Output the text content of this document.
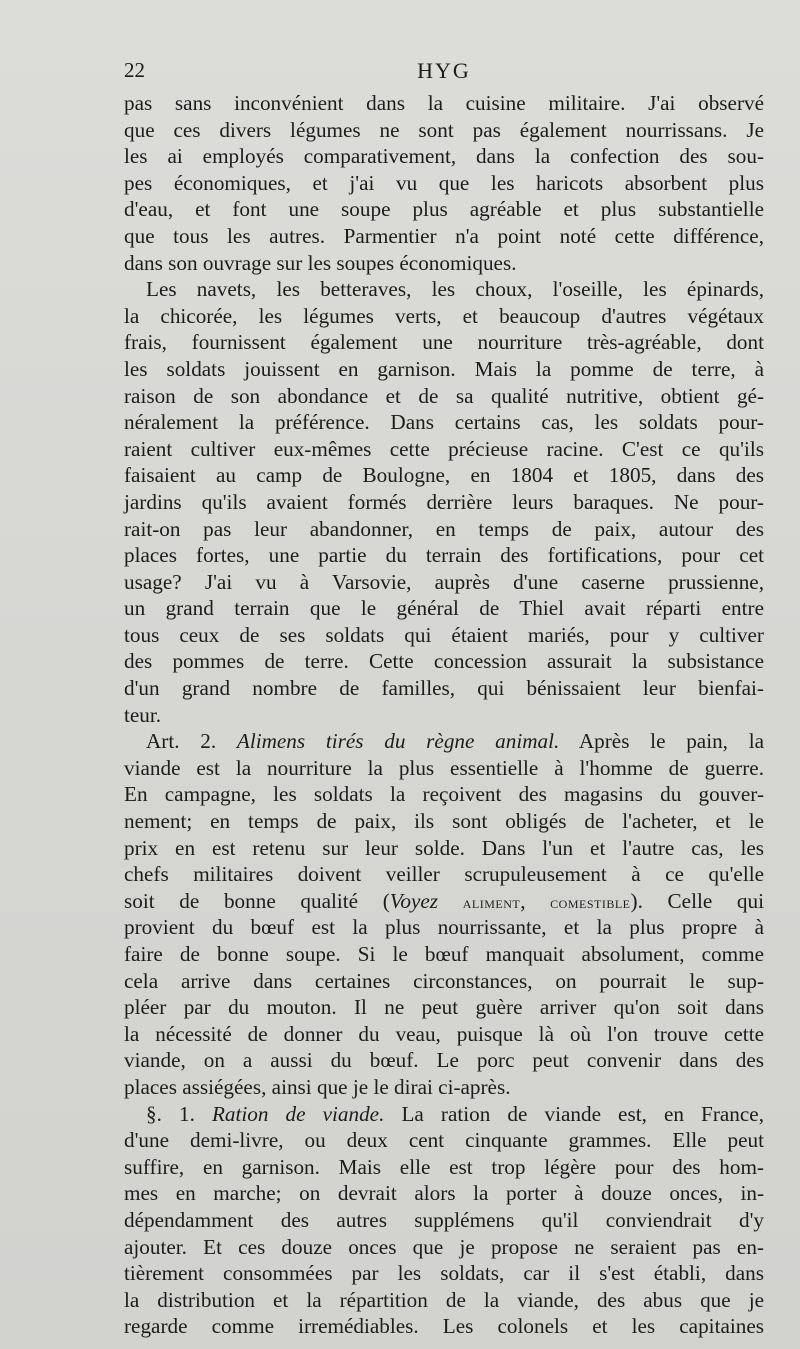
22	HYG
pas sans inconvénient dans la cuisine militaire. J'ai observé
que ces divers légumes ne sont pas également nourrissans. Je
les ai employés comparativement, dans la confection des sou-
pes économiques, et j'ai vu que les haricots absorbent plus
d'eau, et font une soupe plus agréable et plus substantielle
que tous les autres. Parmentier n'a point noté cette différence,
dans son ouvrage sur les soupes économiques.
Les navets, les betteraves, les choux, l'oseille, les épinards,
la chicorée, les légumes verts, et beaucoup d'autres végétaux
frais, fournissent également une nourriture très-agréable, dont
les soldats jouissent en garnison. Mais la pomme de terre, à
raison de son abondance et de sa qualité nutritive, obtient gé-
néralement la préférence. Dans certains cas, les soldats pour-
raient cultiver eux-mêmes cette précieuse racine. C'est ce qu'ils
faisaient au camp de Boulogne, en 1804 et 1805, dans des
jardins qu'ils avaient formés derrière leurs baraques. Ne pour-
rait-on pas leur abandonner, en temps de paix, autour des
places fortes, une partie du terrain des fortifications, pour cet
usage? J'ai vu à Varsovie, auprès d'une caserne prussienne,
un grand terrain que le général de Thiel avait réparti entre
tous ceux de ses soldats qui étaient mariés, pour y cultiver
des pommes de terre. Cette concession assurait la subsistance
d'un grand nombre de familles, qui bénissaient leur bienfai-
teur.
Art. 2. Alimens tirés du règne animal. Après le pain, la
viande est la nourriture la plus essentielle à l'homme de guerre.
En campagne, les soldats la reçoivent des magasins du gouver-
nement; en temps de paix, ils sont obligés de l'acheter, et le
prix en est retenu sur leur solde. Dans l'un et l'autre cas, les
chefs militaires doivent veiller scrupuleusement à ce qu'elle
soit de bonne qualité (Voyez aliment, comestible). Celle qui
provient du bœuf est la plus nourrissante, et la plus propre à
faire de bonne soupe. Si le bœuf manquait absolument, comme
cela arrive dans certaines circonstances, on pourrait le sup-
pléer par du mouton. Il ne peut guère arriver qu'on soit dans
la nécessité de donner du veau, puisque là où l'on trouve cette
viande, on a aussi du bœuf. Le porc peut convenir dans des
places assiégées, ainsi que je le dirai ci-après.
§. 1. Ration de viande. La ration de viande est, en France,
d'une demi-livre, ou deux cent cinquante grammes. Elle peut
suffire, en garnison. Mais elle est trop légère pour des hom-
mes en marche; on devrait alors la porter à douze onces, in-
dépendamment des autres supplémens qu'il conviendrait d'y
ajouter. Et ces douze onces que je propose ne seraient pas en-
tièrement consommées par les soldats, car il s'est établi, dans
la distribution et la répartition de la viande, des abus que je
regarde comme irremédiables. Les colonels et les capitaines
